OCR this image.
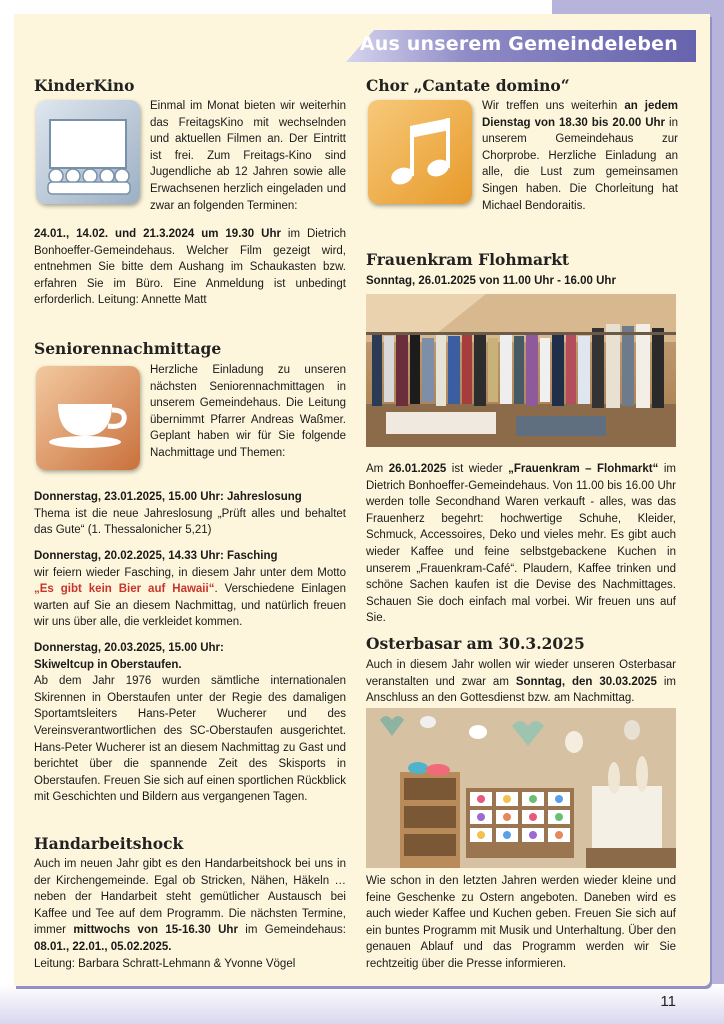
Aus unserem Gemeindeleben
KinderKino
Einmal im Monat bieten wir weiterhin das FreitagsKino mit wechselnden und aktuellen Filmen an. Der Eintritt ist frei. Zum Freitags-Kino sind Jugendliche ab 12 Jahren sowie alle Erwachsenen herzlich eingeladen und zwar an folgenden Terminen:
24.01., 14.02. und 21.3.2024 um 19.30 Uhr im Dietrich Bonhoeffer-Gemeindehaus. Welcher Film gezeigt wird, entnehmen Sie bitte dem Aushang im Schaukasten bzw. erfahren Sie im Büro. Eine Anmeldung ist unbedingt erforderlich. Leitung: Annette Matt
Seniorennachmittage
Herzliche Einladung zu unseren nächsten Seniorennachmittagen in unserem Gemeindehaus. Die Leitung übernimmt Pfarrer Andreas Waßmer. Geplant haben wir für Sie folgende Nachmittage und Themen:
Donnerstag, 23.01.2025, 15.00 Uhr: Jahreslosung
Thema ist die neue Jahreslosung „Prüft alles und behaltet das Gute“ (1. Thessalonicher 5,21)
Donnerstag, 20.02.2025, 14.33 Uhr: Fasching
wir feiern wieder Fasching, in diesem Jahr unter dem Motto „Es gibt kein Bier auf Hawaii“. Verschiedene Einlagen warten auf Sie an diesem Nachmittag, und natürlich freuen wir uns über alle, die verkleidet kommen.
Donnerstag, 20.03.2025, 15.00 Uhr:
Skiweltcup in Oberstaufen.
Ab dem Jahr 1976 wurden sämtliche internationalen Skirennen in Oberstaufen unter der Regie des damaligen Sportamtsleiters Hans-Peter Wucherer und des Vereinsverantwortlichen des SC-Oberstaufen ausgerichtet. Hans-Peter Wucherer ist an diesem Nachmittag zu Gast und berichtet über die spannende Zeit des Skisports in Oberstaufen. Freuen Sie sich auf einen sportlichen Rückblick mit Geschichten und Bildern aus vergangenen Tagen.
Handarbeitshock
Auch im neuen Jahr gibt es den Handarbeitshock bei uns in der Kirchengemeinde. Egal ob Stricken, Nähen, Häkeln … neben der Handarbeit steht gemütlicher Austausch bei Kaffee und Tee auf dem Programm. Die nächsten Termine, immer mittwochs von 15-16.30 Uhr im Gemeindehaus: 08.01., 22.01., 05.02.2025.
Leitung: Barbara Schratt-Lehmann & Yvonne Vögel
Chor „Cantate domino“
Wir treffen uns weiterhin an jedem Dienstag von 18.30 bis 20.00 Uhr in unserem Gemeindehaus zur Chorprobe. Herzliche Einladung an alle, die Lust zum gemeinsamen Singen haben. Die Chorleitung hat Michael Bendoraitis.
Frauenkram Flohmarkt
Sonntag, 26.01.2025 von 11.00 Uhr - 16.00 Uhr
Am 26.01.2025 ist wieder „Frauenkram – Flohmarkt“ im Dietrich Bonhoeffer-Gemeindehaus. Von 11.00 bis 16.00 Uhr werden tolle Secondhand Waren verkauft - alles, was das Frauenherz begehrt: hochwertige Schuhe, Kleider, Schmuck, Accessoires, Deko und vieles mehr. Es gibt auch wieder Kaffee und feine selbstgebackene Kuchen in unserem „Frauenkram-Café“. Plaudern, Kaffee trinken und schöne Sachen kaufen ist die Devise des Nachmittages. Schauen Sie doch einfach mal vorbei. Wir freuen uns auf Sie.
Osterbasar am 30.3.2025
Auch in diesem Jahr wollen wir wieder unseren Osterbasar veranstalten und zwar am Sonntag, den 30.03.2025 im Anschluss an den Gottesdienst bzw. am Nachmittag.
Wie schon in den letzten Jahren werden wieder kleine und feine Geschenke zu Ostern angeboten. Daneben wird es auch wieder Kaffee und Kuchen geben. Freuen Sie sich auf ein buntes Programm mit Musik und Unterhaltung. Über den genauen Ablauf und das Programm werden wir Sie rechtzeitig über die Presse informieren.
11
